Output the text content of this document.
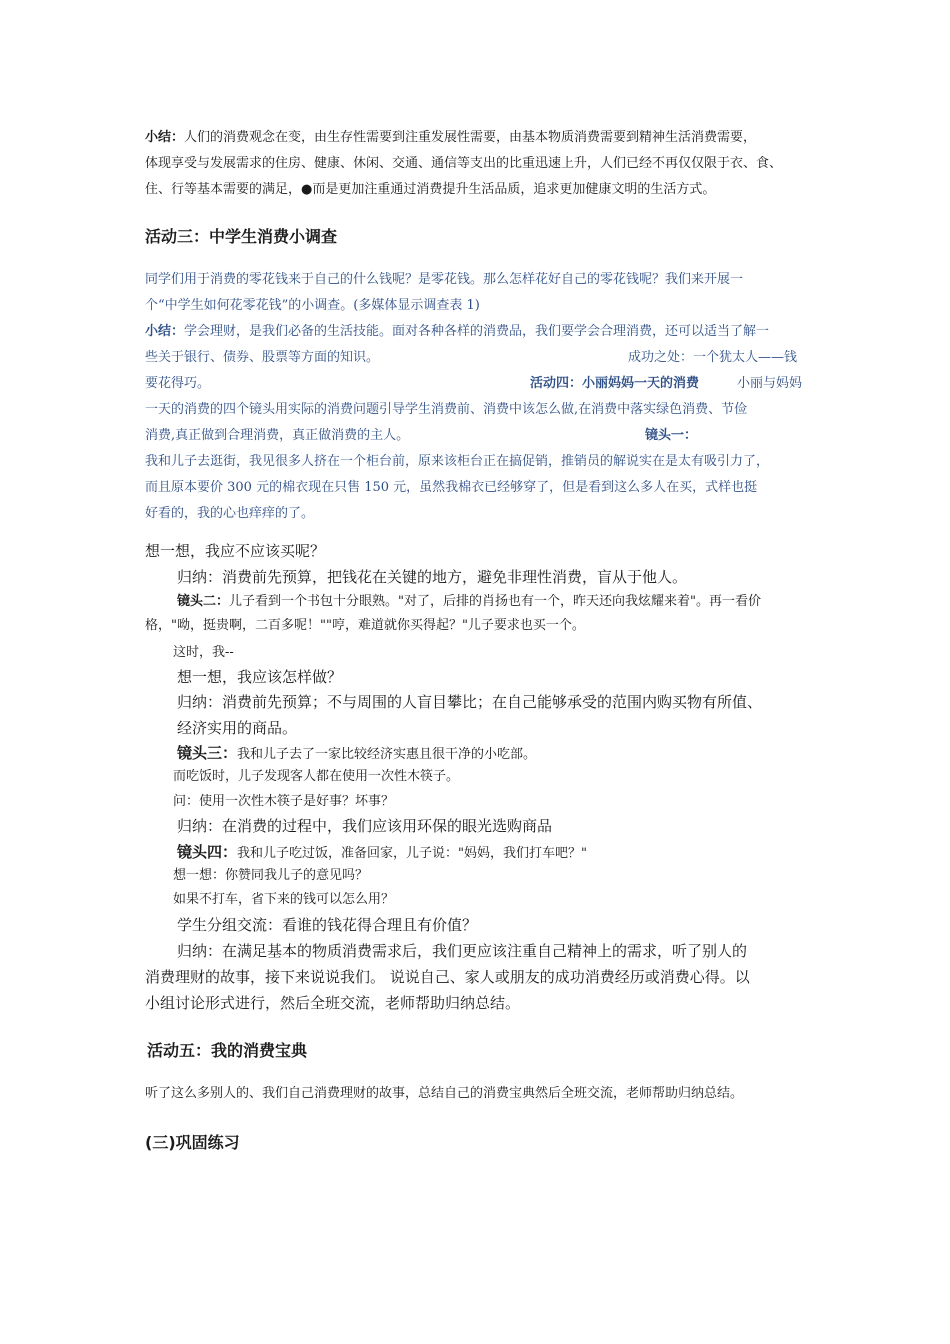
小结：人们的消费观念在变，由生存性需要到注重发展性需要，由基本物质消费需要到精神生活消费需要，
体现享受与发展需求的住房、健康、休闲、交通、通信等支出的比重迅速上升，人们已经不再仅仅限于衣、食、
住、行等基本需要的满足，●而是更加注重通过消费提升生活品质，追求更加健康文明的生活方式。
活动三：中学生消费小调查
同学们用于消费的零花钱来于自己的什么钱呢？是零花钱。那么怎样花好自己的零花钱呢？我们来开展一
个“中学生如何花零花钱”的小调查。(多媒体显示调查表 1)
小结：学会理财，是我们必备的生活技能。面对各种各样的消费品，我们要学会合理消费，还可以适当了解一
些关于银行、债券、股票等方面的知识。	成功之处：一个犹太人——钱
要花得巧。	活动四：小丽妈妈一天的消费	小丽与妈妈
一天的消费的四个镜头用实际的消费问题引导学生消费前、消费中该怎么做,在消费中落实绿色消费、节俭
消费,真正做到合理消费，真正做消费的主人。	镜头一：
我和儿子去逛街，我见很多人挤在一个柜台前，原来该柜台正在搞促销，推销员的解说实在是太有吸引力了，
而且原本要价 300 元的棉衣现在只售 150 元，虽然我棉衣已经够穿了，但是看到这么多人在买，式样也挺
好看的，我的心也痒痒的了。
想一想，我应不应该买呢？
归纳：消费前先预算，把钱花在关键的地方，避免非理性消费，盲从于他人。
镜头二：儿子看到一个书包十分眼熟。"对了，后排的肖扬也有一个，昨天还向我炫耀来着"。再一看价
格，"呦，挺贵啊，二百多呢！""哼，难道就你买得起？"儿子要求也买一个。
这时，我--
想一想，我应该怎样做？
归纳：消费前先预算；不与周围的人盲目攀比；在自己能够承受的范围内购买物有所值、
经济实用的商品。
镜头三：我和儿子去了一家比较经济实惠且很干净的小吃部。
而吃饭时，儿子发现客人都在使用一次性木筷子。
问：使用一次性木筷子是好事？坏事？
归纳：在消费的过程中，我们应该用环保的眼光选购商品
镜头四：我和儿子吃过饭，准备回家，儿子说："妈妈，我们打车吧？"
想一想：你赞同我儿子的意见吗？
如果不打车，省下来的钱可以怎么用？
学生分组交流：看谁的钱花得合理且有价值？
归纳：在满足基本的物质消费需求后，我们更应该注重自己精神上的需求，听了别人的
消费理财的故事，接下来说说我们。 说说自己、家人或朋友的成功消费经历或消费心得。以
小组讨论形式进行，然后全班交流，老师帮助归纳总结。
活动五：我的消费宝典
听了这么多别人的、我们自己消费理财的故事，总结自己的消费宝典然后全班交流，老师帮助归纳总结。
(三)巩固练习
